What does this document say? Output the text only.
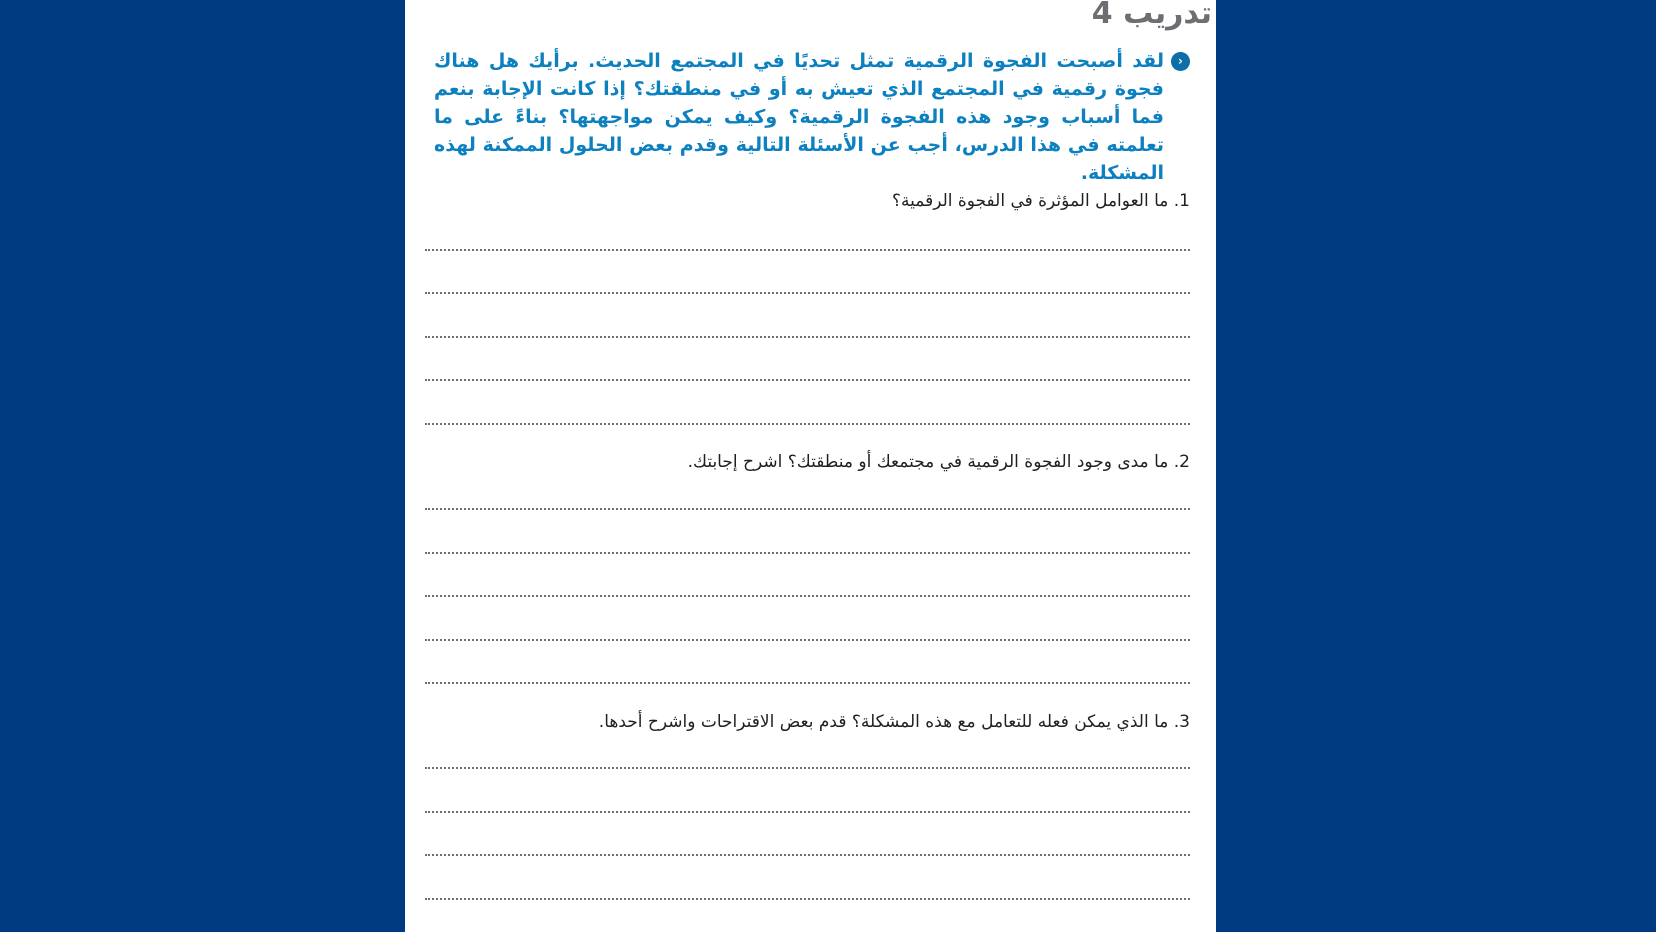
تدريب 4
‹
لقد أصبحت الفجوة الرقمية تمثل تحديًا في المجتمع الحديث. برأيك هل هناك فجوة رقمية في المجتمع الذي تعيش به أو في منطقتك؟ إذا كانت الإجابة بنعم فما أسباب وجود هذه الفجوة الرقمية؟ وكيف يمكن مواجهتها؟ بناءً على ما تعلمته في هذا الدرس، أجب عن الأسئلة التالية وقدم بعض الحلول الممكنة لهذه المشكلة.
1. ما العوامل المؤثرة في الفجوة الرقمية؟
2. ما مدى وجود الفجوة الرقمية في مجتمعك أو منطقتك؟ اشرح إجابتك.
3. ما الذي يمكن فعله للتعامل مع هذه المشكلة؟ قدم بعض الاقتراحات واشرح أحدها.
